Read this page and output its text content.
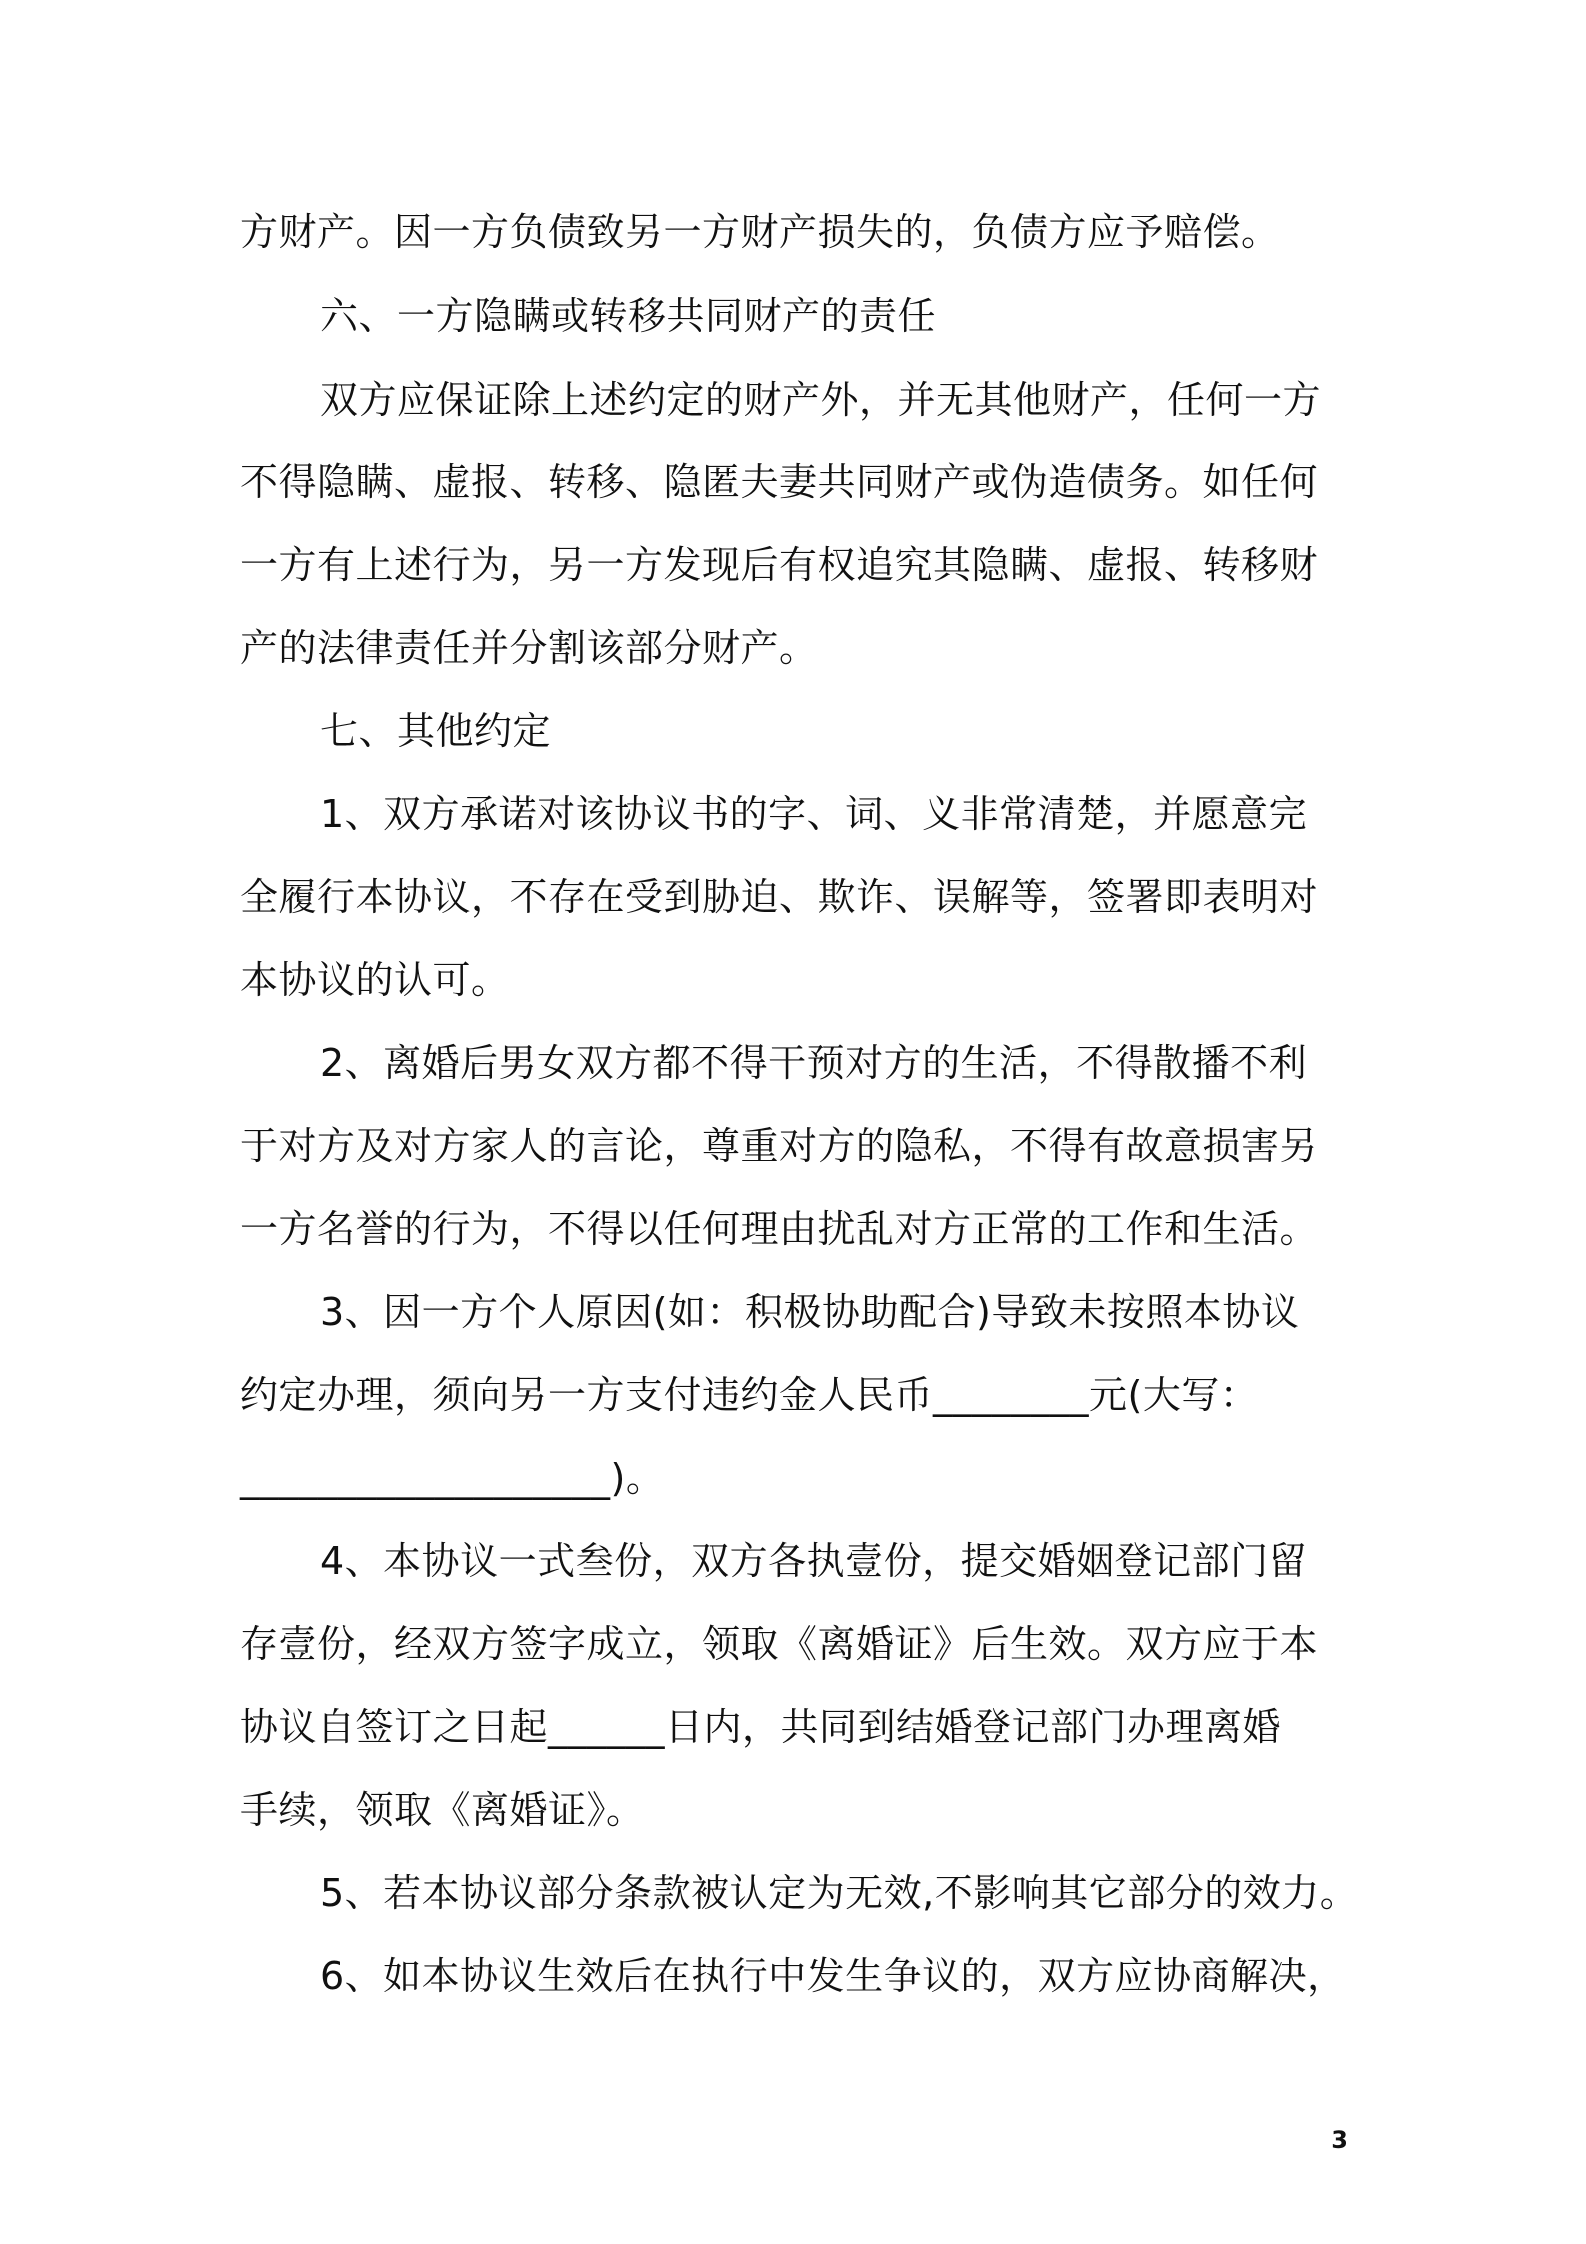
方财产。因一方负债致另一方财产损失的，负债方应予赔偿。
六、一方隐瞒或转移共同财产的责任
双方应保证除上述约定的财产外，并无其他财产，任何一方
不得隐瞒、虚报、转移、隐匿夫妻共同财产或伪造债务。如任何
一方有上述行为，另一方发现后有权追究其隐瞒、虚报、转移财
产的法律责任并分割该部分财产。
七、其他约定
1、双方承诺对该协议书的字、词、义非常清楚，并愿意完
全履行本协议，不存在受到胁迫、欺诈、误解等，签署即表明对
本协议的认可。
2、离婚后男女双方都不得干预对方的生活，不得散播不利
于对方及对方家人的言论，尊重对方的隐私，不得有故意损害另
一方名誉的行为，不得以任何理由扰乱对方正常的工作和生活。
3、因一方个人原因(如：积极协助配合)导致未按照本协议
约定办理，须向另一方支付违约金人民币________元(大写：
___________________)。
4、本协议一式叁份，双方各执壹份，提交婚姻登记部门留
存壹份，经双方签字成立，领取《离婚证》后生效。双方应于本
协议自签订之日起______日内，共同到结婚登记部门办理离婚
手续，领取《离婚证》。
5、若本协议部分条款被认定为无效,不影响其它部分的效力。
6、如本协议生效后在执行中发生争议的，双方应协商解决，
3
